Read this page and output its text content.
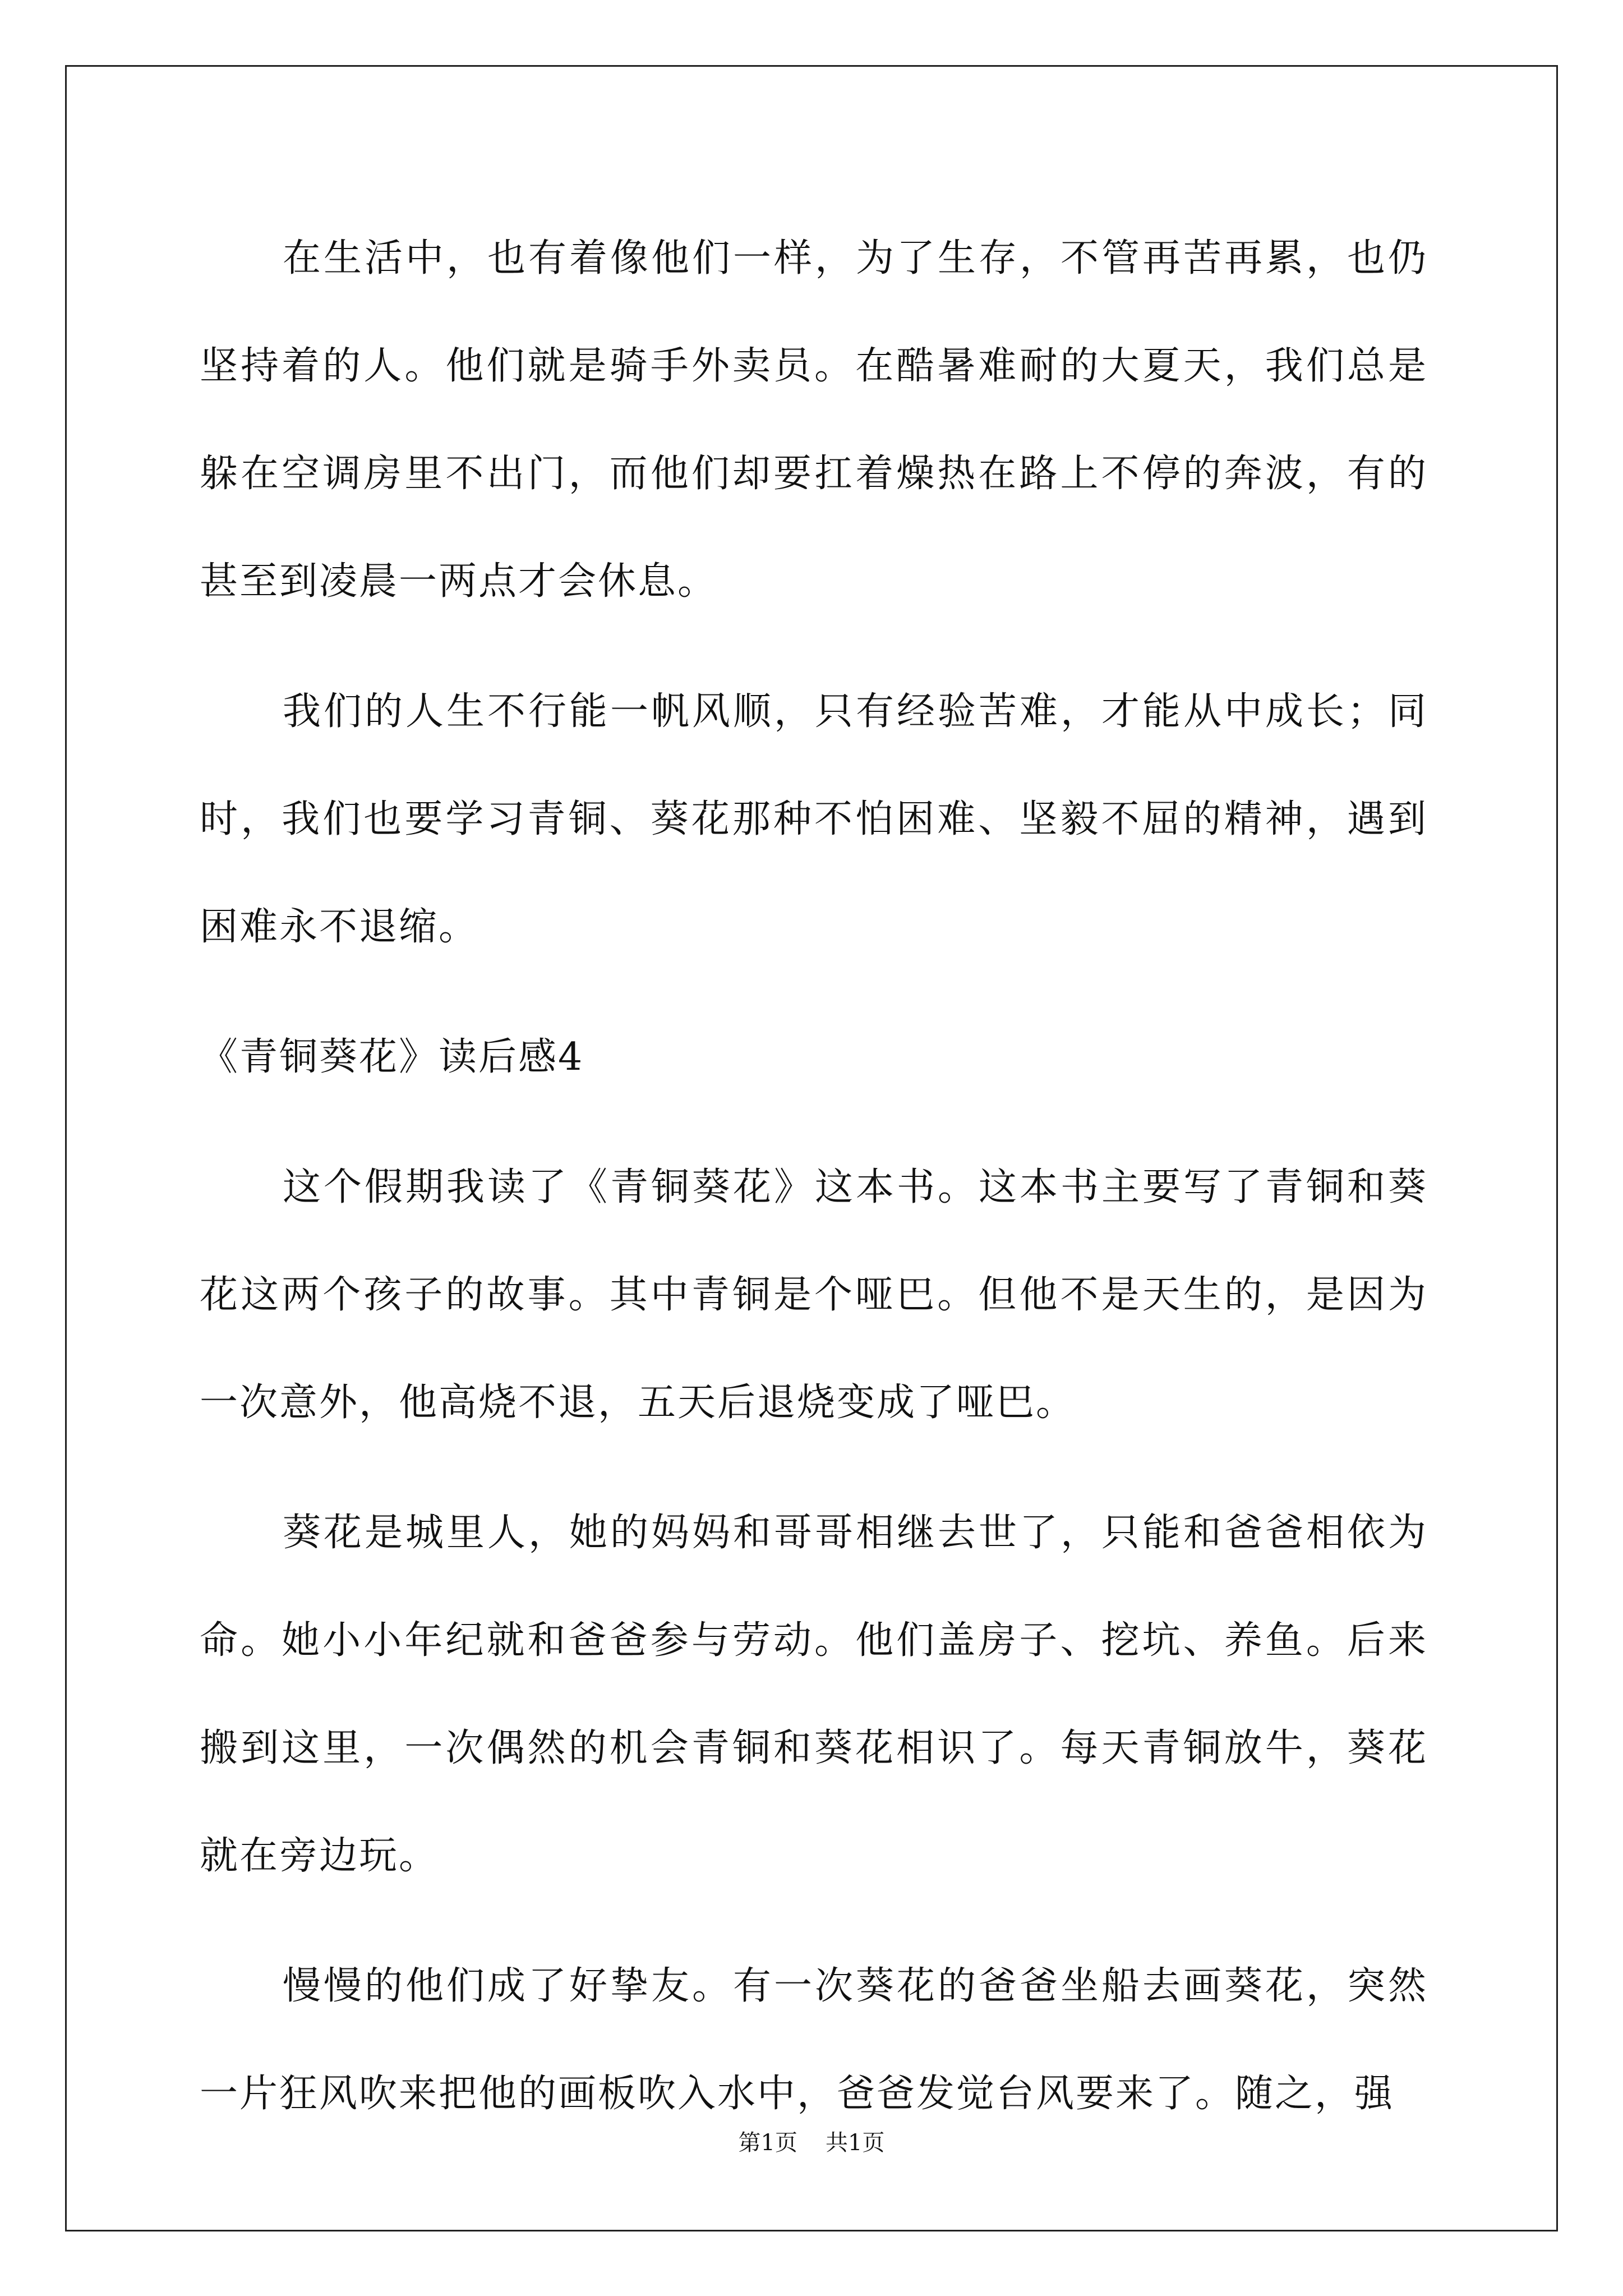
在生活中，也有着像他们一样，为了生存，不管再苦再累，也仍坚持着的人。他们就是骑手外卖员。在酷暑难耐的大夏天，我们总是躲在空调房里不出门，而他们却要扛着燥热在路上不停的奔波，有的甚至到凌晨一两点才会休息。

我们的人生不行能一帆风顺，只有经验苦难，才能从中成长；同时，我们也要学习青铜、葵花那种不怕困难、坚毅不屈的精神，遇到困难永不退缩。

《青铜葵花》读后感4

这个假期我读了《青铜葵花》这本书。这本书主要写了青铜和葵花这两个孩子的故事。其中青铜是个哑巴。但他不是天生的，是因为一次意外，他高烧不退，五天后退烧变成了哑巴。

葵花是城里人，她的妈妈和哥哥相继去世了，只能和爸爸相依为命。她小小年纪就和爸爸参与劳动。他们盖房子、挖坑、养鱼。后来搬到这里，一次偶然的机会青铜和葵花相识了。每天青铜放牛，葵花就在旁边玩。

慢慢的他们成了好挚友。有一次葵花的爸爸坐船去画葵花，突然一片狂风吹来把他的画板吹入水中，爸爸发觉台风要来了。随之，强

第1页 共1页
